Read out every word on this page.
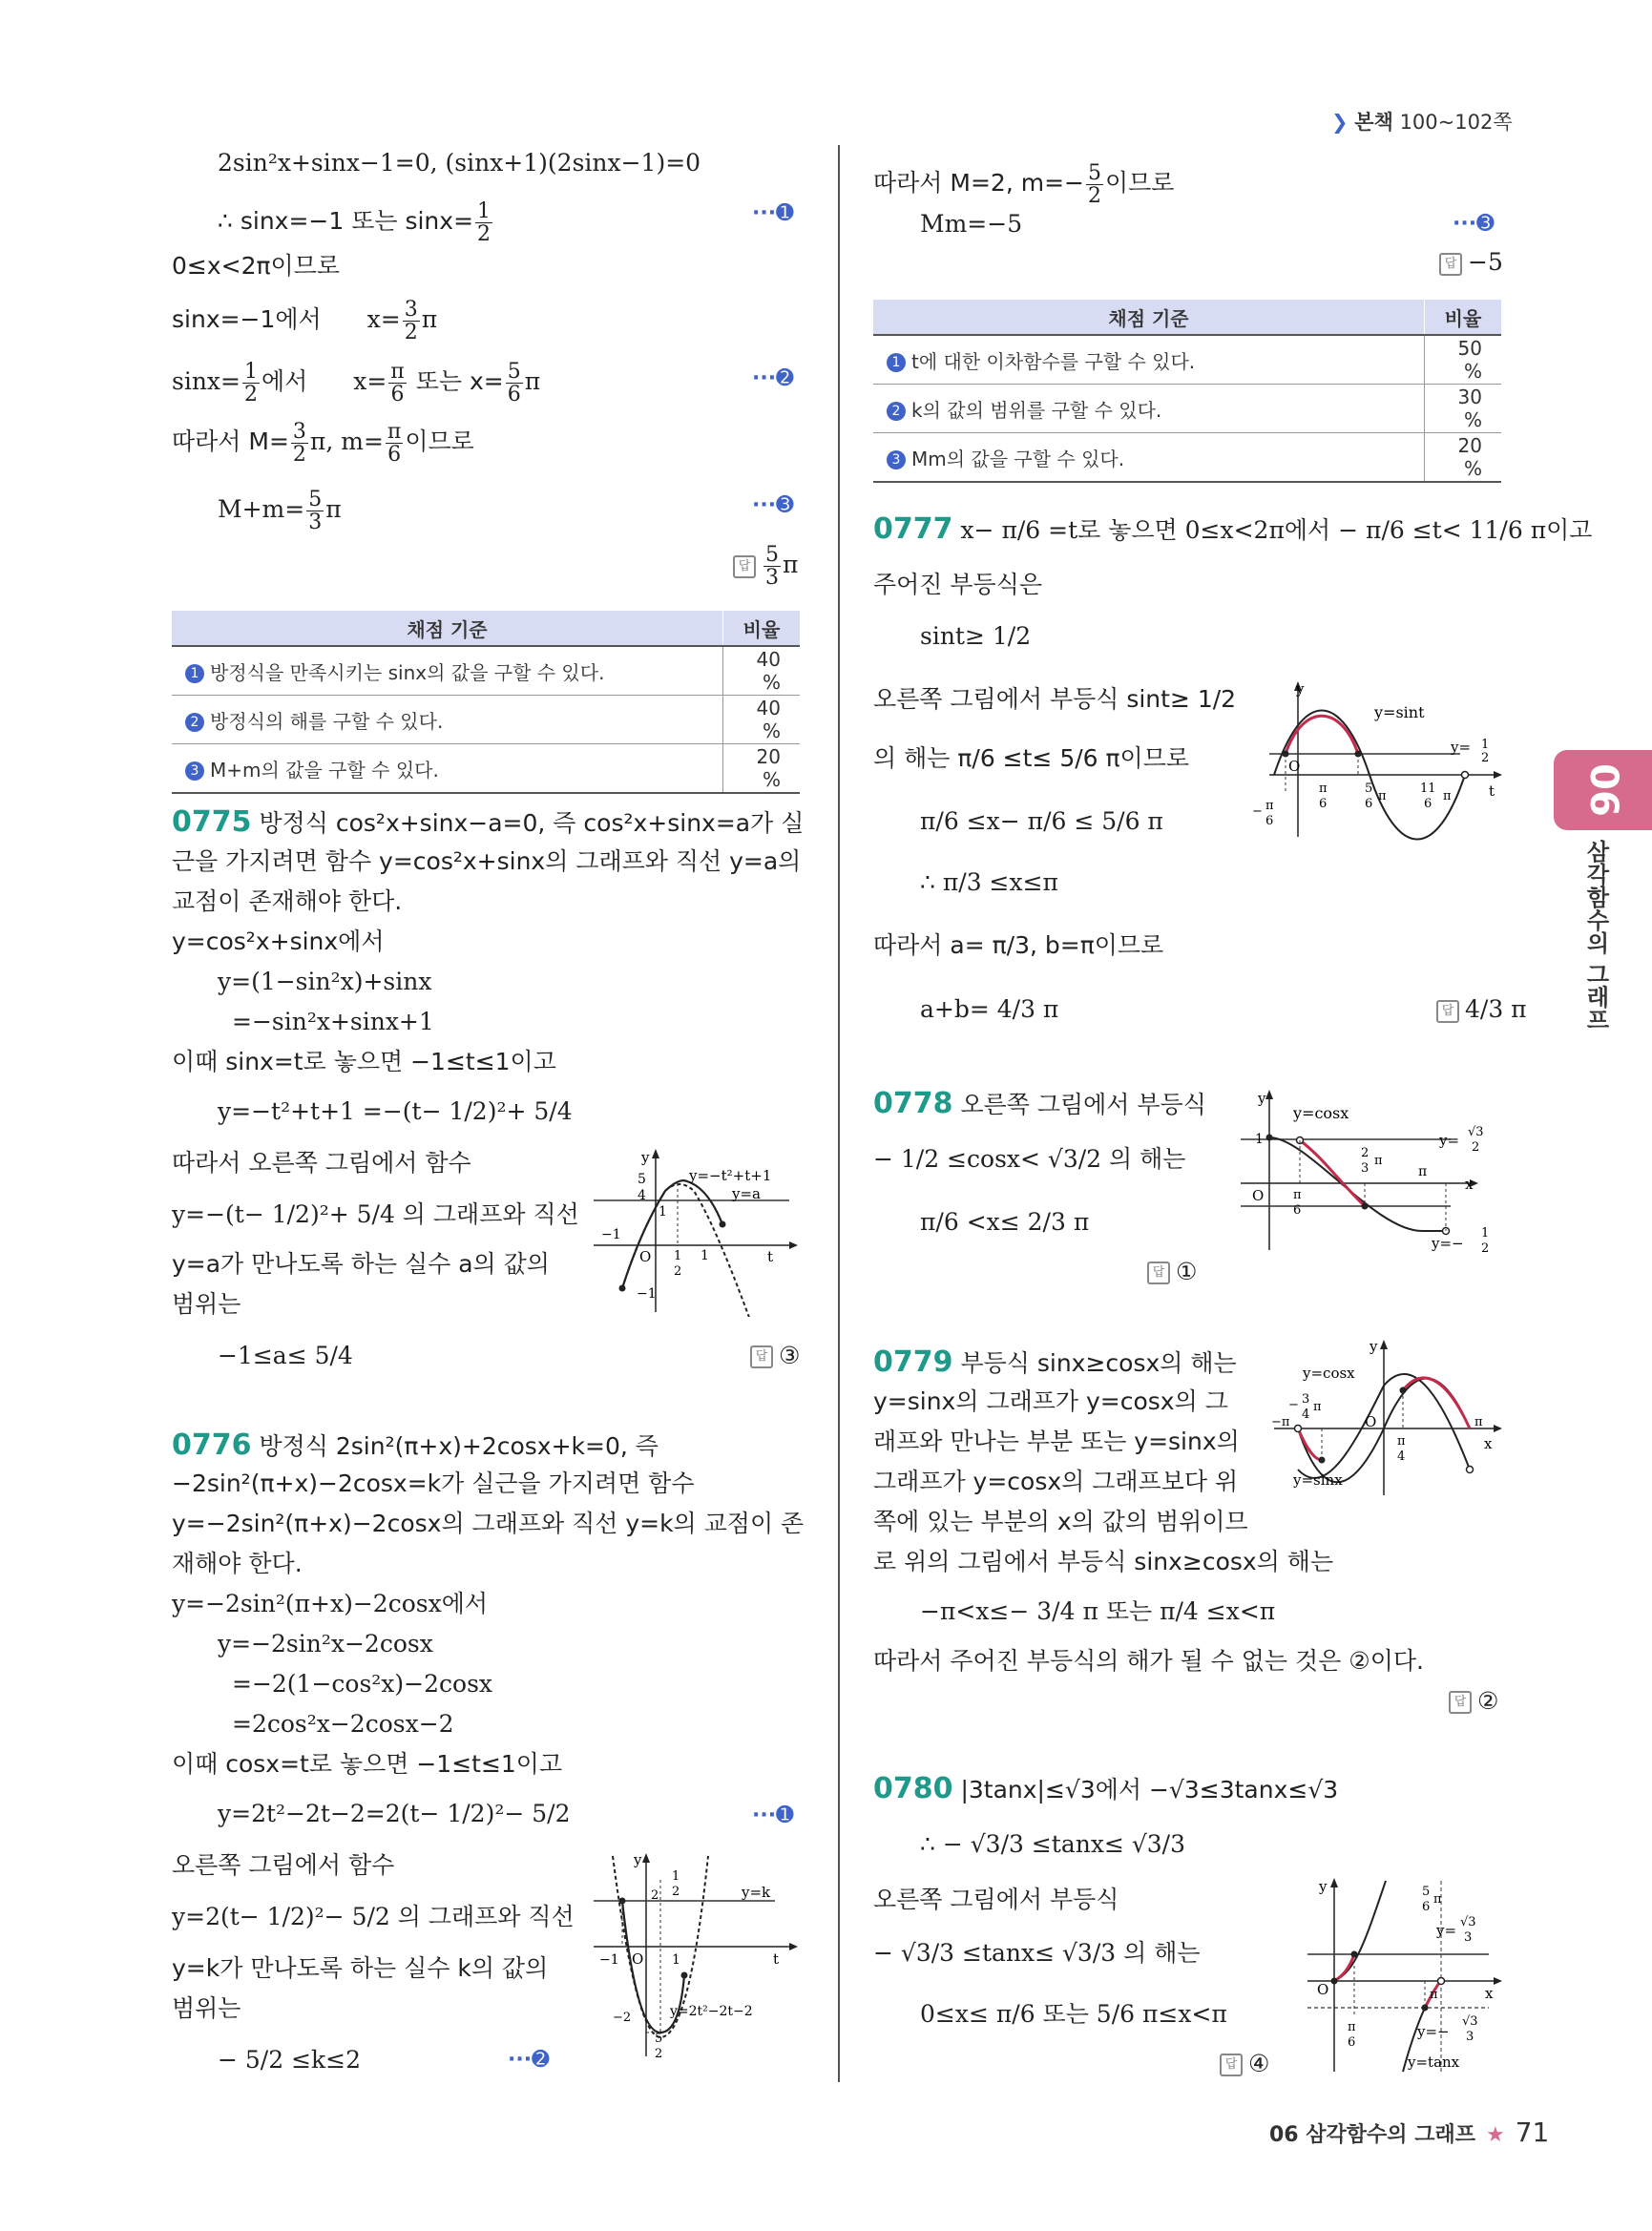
❯ 본책 100~102쪽
2sin²x+sinx−1=0, (sinx+1)(2sinx−1)=0
∴ sinx=−1 또는 $\sin x= \frac{1}{2}$	···➊
0≤x<2π이므로
sinx=−1에서 $x= \frac{3}{2}$ π
$\sin x= \frac{1}{2}$ 에서 $x= \frac{\pi}{6}$ 또는 $x= \frac{5}{6}$ π	···➋
따라서 $M= \frac{3}{2} \pi$, $m= \frac{\pi}{6}$ 이므로
$M+m= \frac{5}{3}$ π	···➌
답 $\frac{5}{3}$ π
채점 기준	비율
1 방정식을 만족시키는 sinx의 값을 구할 수 있다.	40 %
2 방정식의 해를 구할 수 있다.	40 %
3 M+m의 값을 구할 수 있다.	20 %
0775 방정식 cos²x+sinx−a=0, 즉 cos²x+sinx=a가 실
근을 가지려면 함수 y=cos²x+sinx의 그래프와 직선 y=a의
교점이 존재해야 한다.
y=cos²x+sinx에서
y=(1−sin²x)+sinx
=−sin²x+sinx+1
이때 sinx=t로 놓으면 −1≤t≤1이고
y=−t²+t+1 =−(t− 1/2)²+ 5/4
따라서 오른쪽 그림에서 함수
y=−(t− 1/2)²+ 5/4 의 그래프와 직선
y=a가 만나도록 하는 실수 a의 값의
범위는
−1≤a≤ 5/4	답 ③
y
y=−t²+t+1
y=a
5
4
1
−1
O 1
2
1
−1
t
0776 방정식 2sin²(π+x)+2cosx+k=0, 즉
−2sin²(π+x)−2cosx=k가 실근을 가지려면 함수
y=−2sin²(π+x)−2cosx의 그래프와 직선 y=k의 교점이 존
재해야 한다.
y=−2sin²(π+x)−2cosx에서
y=−2sin²x−2cosx
=−2(1−cos²x)−2cosx
=2cos²x−2cosx−2
이때 cosx=t로 놓으면 −1≤t≤1이고
y=2t²−2t−2=2(t− 1/2)²− 5/2	···➊
오른쪽 그림에서 함수
y=2(t− 1/2)²− 5/2 의 그래프와 직선
y=k가 만나도록 하는 실수 k의 값의
범위는
− 5/2 ≤k≤2	···➋
y
2
1
2	y=k
O 1
−1	t
−2	y=2t²−2t−2
5
2
따라서 M=2, $m=- \frac{5}{2}$ 이므로
Mm=−5	···➌
답 −5
채점 기준	비율
1 t에 대한 이차함수를 구할 수 있다.	50 %
2 k의 값의 범위를 구할 수 있다.	30 %
3 Mm의 값을 구할 수 있다.	20 %
0777 x− π/6 =t로 놓으면 0≤x<2π에서 − π/6 ≤t< 11/6 π이고
주어진 부등식은
sint≥ 1/2
오른쪽 그림에서 부등식 sint≥ 1/2
의 해는 π/6 ≤t≤ 5/6 π이므로
π/6 ≤x− π/6 ≤ 5/6 π
∴ π/3 ≤x≤π
따라서 a= π/3, b=π이므로
a+b= 4/3 π	답 4/3 π
y
y=sint
y= 1
2
O
t
π
6
5
6
π
11
6
π
− π
6
0778 오른쪽 그림에서 부등식
− 1/2 ≤cosx< √3/2 의 해는
π/6 <x≤ 2/3 π
답 ①
y
y=cosx
1	y= √3
2
2
3
π
π
x
O π
6
y=−
1
2
0779 부등식 sinx≥cosx의 해는
y=sinx의 그래프가 y=cosx의 그
래프와 만나는 부분 또는 y=sinx의
그래프가 y=cosx의 그래프보다 위
쪽에 있는 부분의 x의 값의 범위이므
로 위의 그림에서 부등식 sinx≥cosx의 해는
−π<x≤− 3/4 π 또는 π/4 ≤x<π
따라서 주어진 부등식의 해가 될 수 없는 것은 ②이다.
답 ②
y
y=cosx
y=sinx
O
x
−π
− 3
4
π
π
π
4
0780 |3tanx|≤√3에서 −√3≤3tanx≤√3
∴ − √3/3 ≤tanx≤ √3/3
오른쪽 그림에서 부등식
− √3/3 ≤tanx≤ √3/3 의 해는
0≤x≤ π/6 또는 5/6 π≤x<π
답 ④
y	5
6
π
y= √3
3
O	x
π
π
6
y=−
√3
3
y=tanx
06
삼각함수의 그래프
06 삼각함수의 그래프 ★ 71
